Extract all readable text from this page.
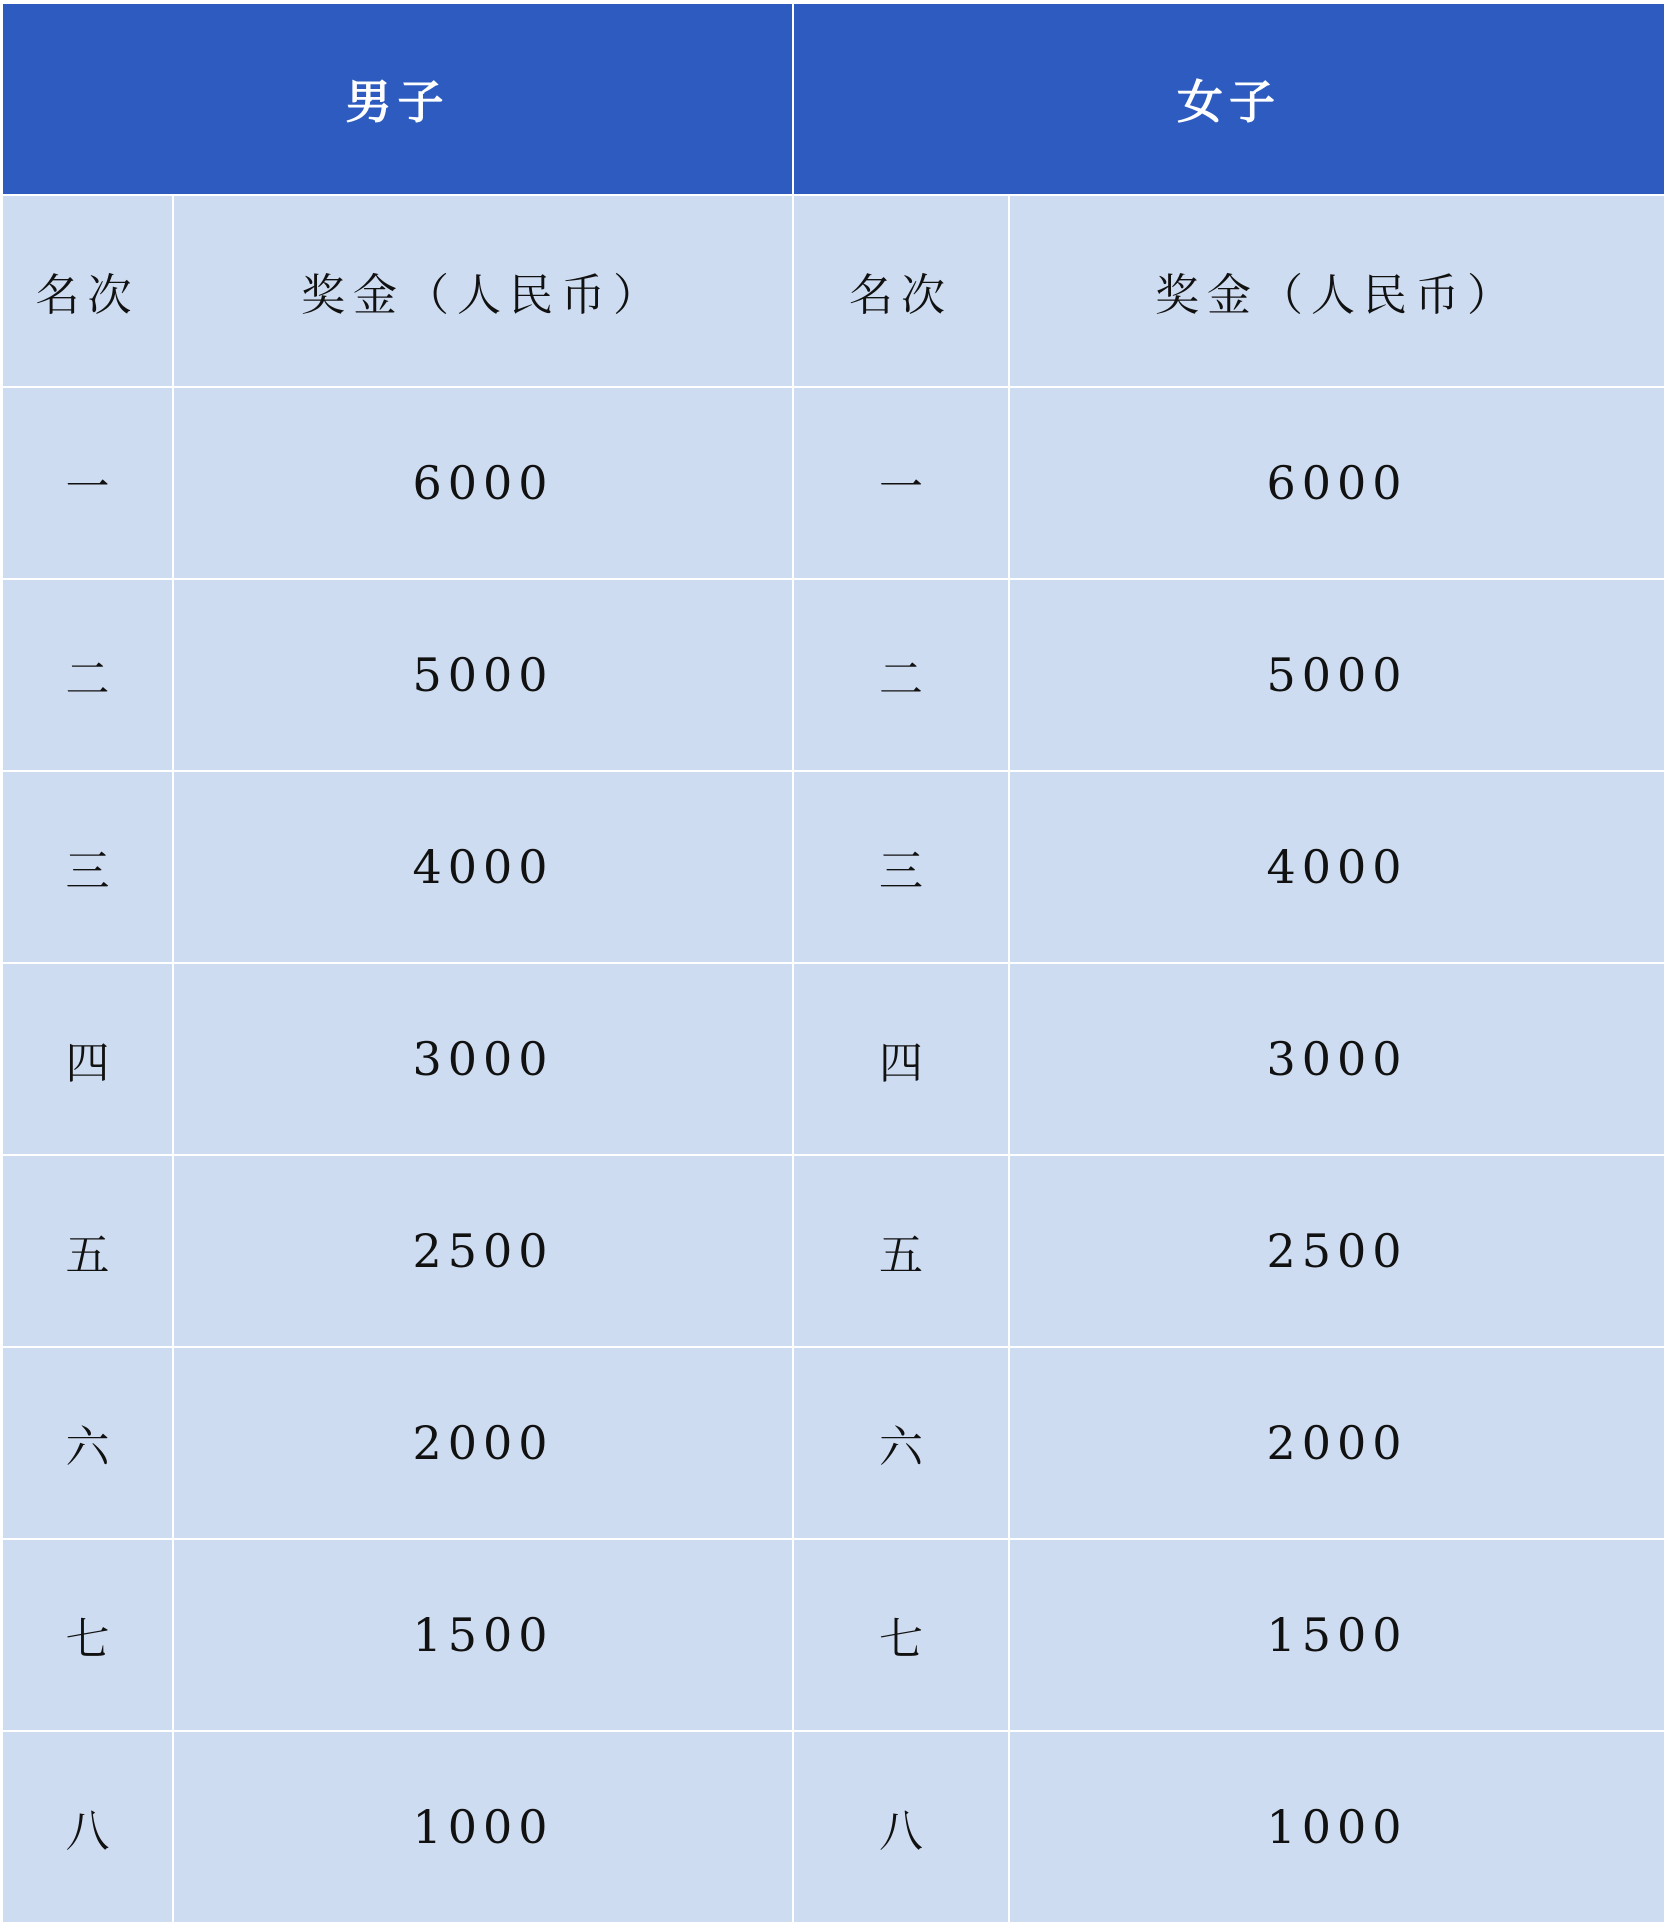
男子		女子	
名次	奖金（人民币）	名次	奖金（人民币）
一	6000	一	6000
二	5000	二	5000
三	4000	三	4000
四	3000	四	3000
五	2500	五	2500
六	2000	六	2000
七	1500	七	1500
八	1000	八	1000
